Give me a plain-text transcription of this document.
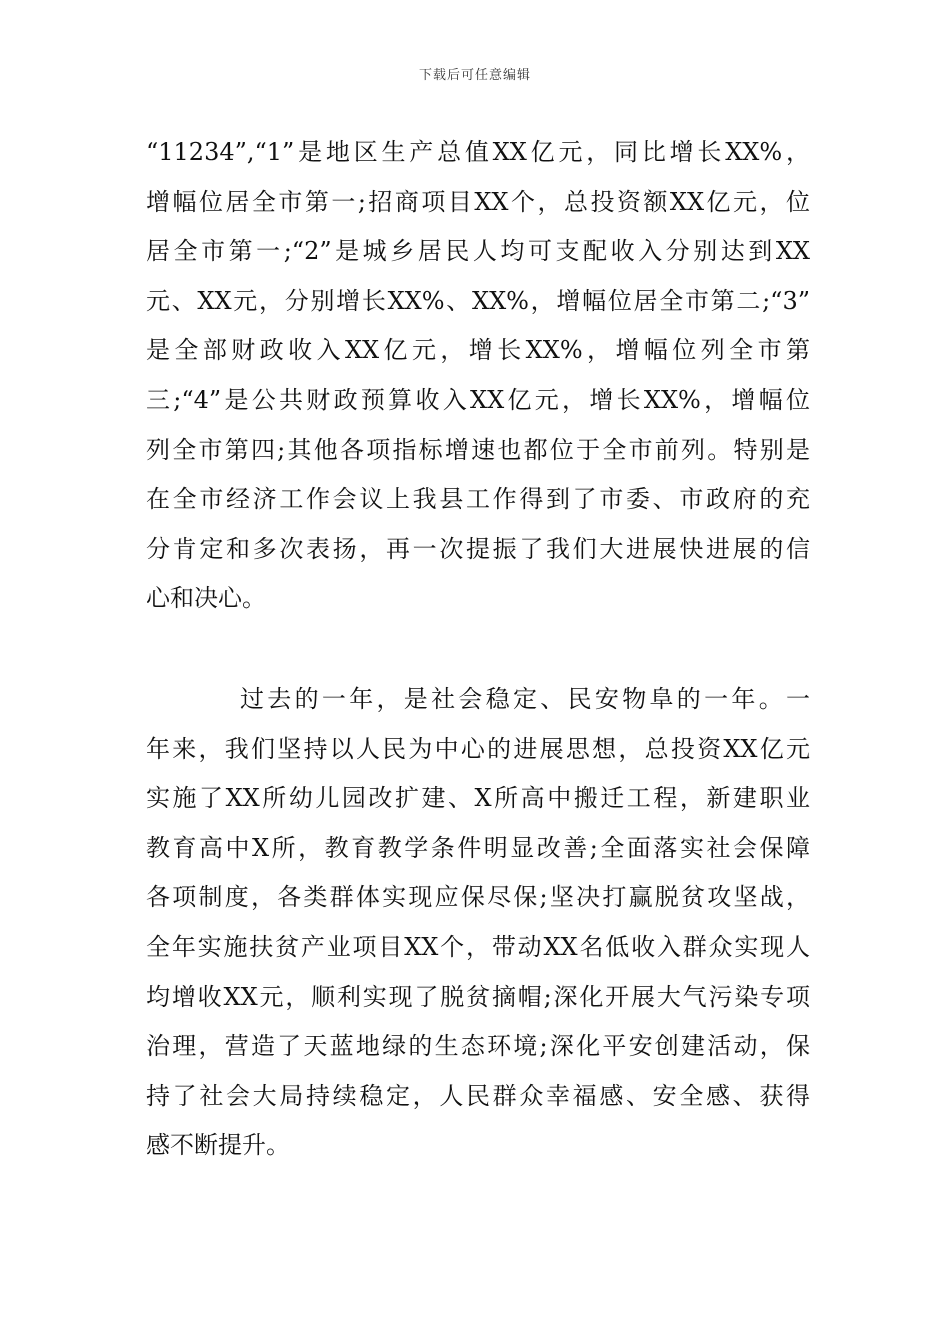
下载后可任意编辑
“11234”,“1”是地区生产总值XX亿元，同比增长XX%，
增幅位居全市第一;招商项目XX个，总投资额XX亿元，位
居全市第一;“2”是城乡居民人均可支配收入分别达到XX
元、XX元，分别增长XX%、XX%，增幅位居全市第二;“3”
是全部财政收入XX亿元，增长XX%，增幅位列全市第
三;“4”是公共财政预算收入XX亿元，增长XX%，增幅位
列全市第四;其他各项指标增速也都位于全市前列。特别是
在全市经济工作会议上我县工作得到了市委、市政府的充
分肯定和多次表扬，再一次提振了我们大进展快进展的信
心和决心。
过去的一年，是社会稳定、民安物阜的一年。一
年来，我们坚持以人民为中心的进展思想，总投资XX亿元
实施了XX所幼儿园改扩建、X所高中搬迁工程，新建职业
教育高中X所，教育教学条件明显改善;全面落实社会保障
各项制度，各类群体实现应保尽保;坚决打赢脱贫攻坚战，
全年实施扶贫产业项目XX个，带动XX名低收入群众实现人
均增收XX元，顺利实现了脱贫摘帽;深化开展大气污染专项
治理，营造了天蓝地绿的生态环境;深化平安创建活动，保
持了社会大局持续稳定，人民群众幸福感、安全感、获得
感不断提升。
